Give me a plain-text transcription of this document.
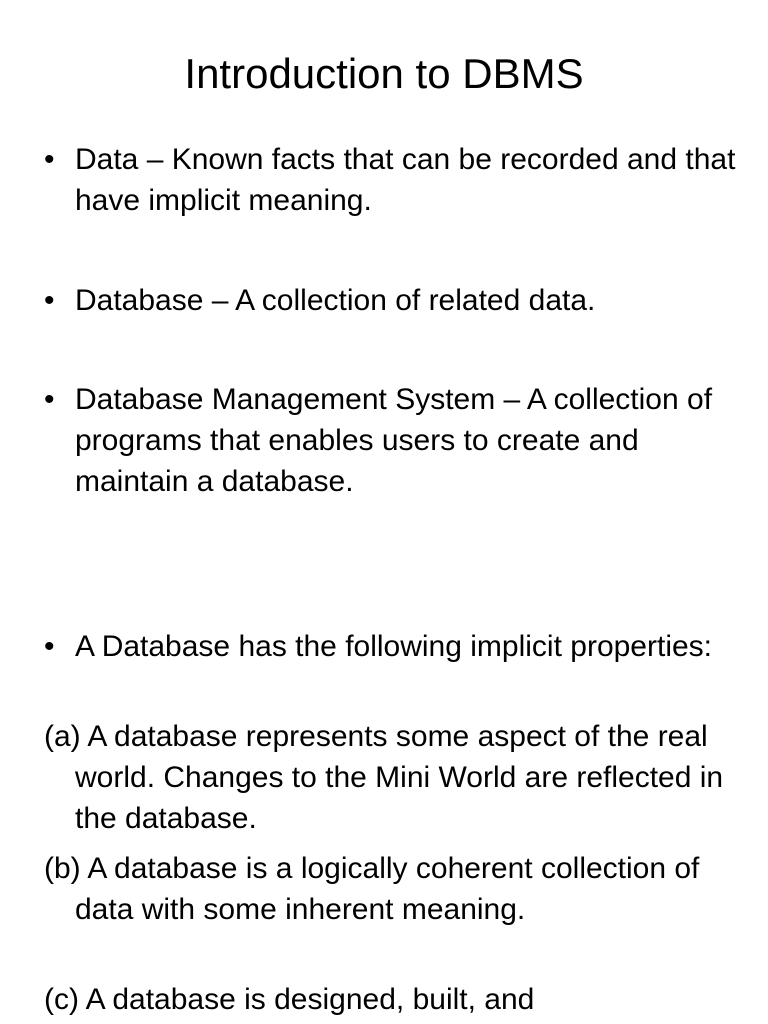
Introduction to DBMS
• Data – Known facts that can be recorded and that have implicit meaning.
• Database – A collection of related data.
• Database Management System – A collection of programs that enables users to create and maintain a database.
• A Database has the following implicit properties:
(a) A database represents some aspect of the real world. Changes to the Mini World are reflected in the database.
(b) A database is a logically coherent collection of data with some inherent meaning.
(c) A database is designed, built, and
